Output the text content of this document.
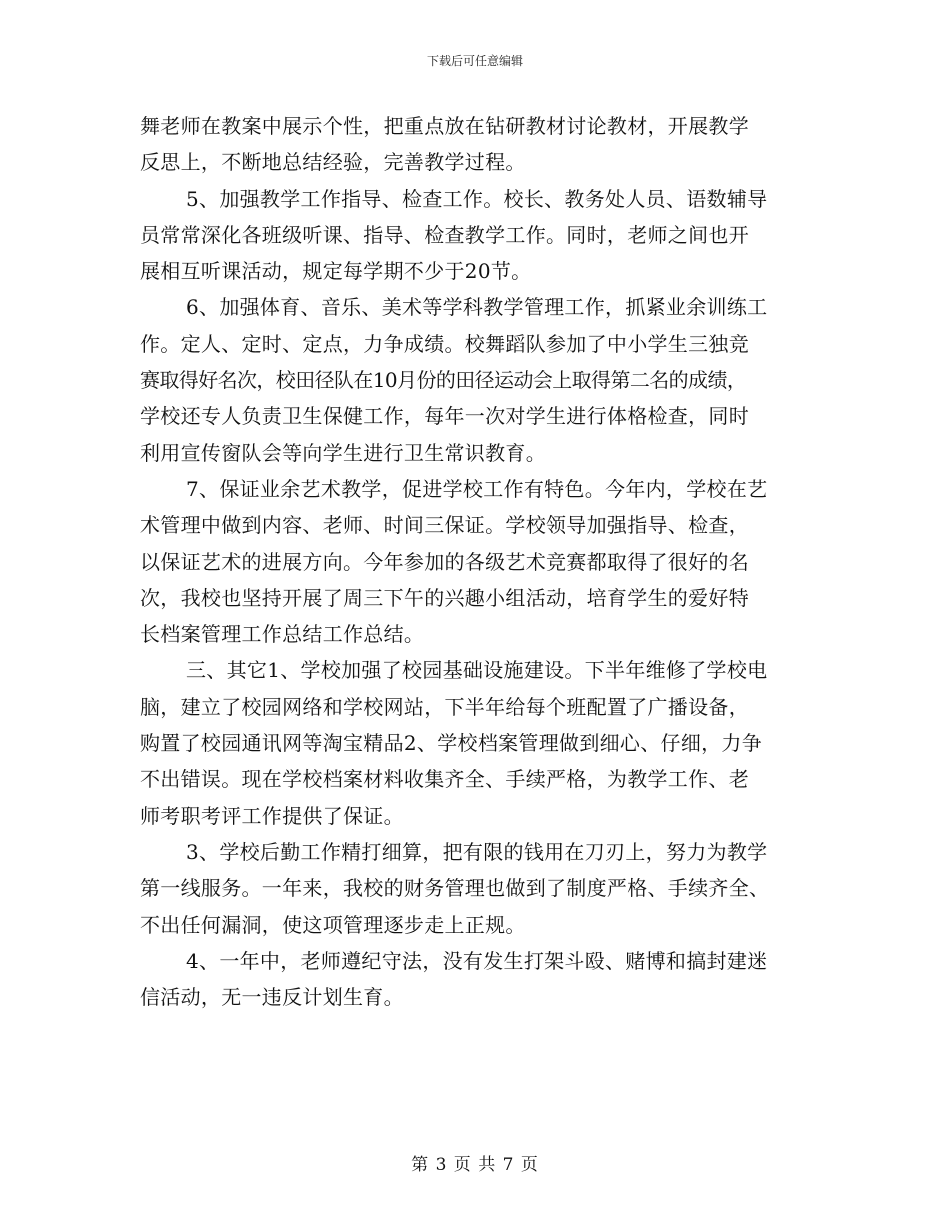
下载后可任意编辑
舞老师在教案中展示个性，把重点放在钻研教材讨论教材，开展教学
反思上，不断地总结经验，完善教学过程。
5、加强教学工作指导、检查工作。校长、教务处人员、语数辅导
员常常深化各班级听课、指导、检查教学工作。同时，老师之间也开
展相互听课活动，规定每学期不少于20节。
6、加强体育、音乐、美术等学科教学管理工作，抓紧业余训练工
作。定人、定时、定点，力争成绩。校舞蹈队参加了中小学生三独竞
赛取得好名次，校田径队在10月份的田径运动会上取得第二名的成绩，
学校还专人负责卫生保健工作，每年一次对学生进行体格检查，同时
利用宣传窗队会等向学生进行卫生常识教育。
7、保证业余艺术教学，促进学校工作有特色。今年内，学校在艺
术管理中做到内容、老师、时间三保证。学校领导加强指导、检查，
以保证艺术的进展方向。今年参加的各级艺术竞赛都取得了很好的名
次，我校也坚持开展了周三下午的兴趣小组活动，培育学生的爱好特
长档案管理工作总结工作总结。
三、其它1、学校加强了校园基础设施建设。下半年维修了学校电
脑，建立了校园网络和学校网站，下半年给每个班配置了广播设备，
购置了校园通讯网等淘宝精品2、学校档案管理做到细心、仔细，力争
不出错误。现在学校档案材料收集齐全、手续严格，为教学工作、老
师考职考评工作提供了保证。
3、学校后勤工作精打细算，把有限的钱用在刀刃上，努力为教学
第一线服务。一年来，我校的财务管理也做到了制度严格、手续齐全、
不出任何漏洞，使这项管理逐步走上正规。
4、一年中，老师遵纪守法，没有发生打架斗殴、赌博和搞封建迷
信活动，无一违反计划生育。
第 3 页 共 7 页
